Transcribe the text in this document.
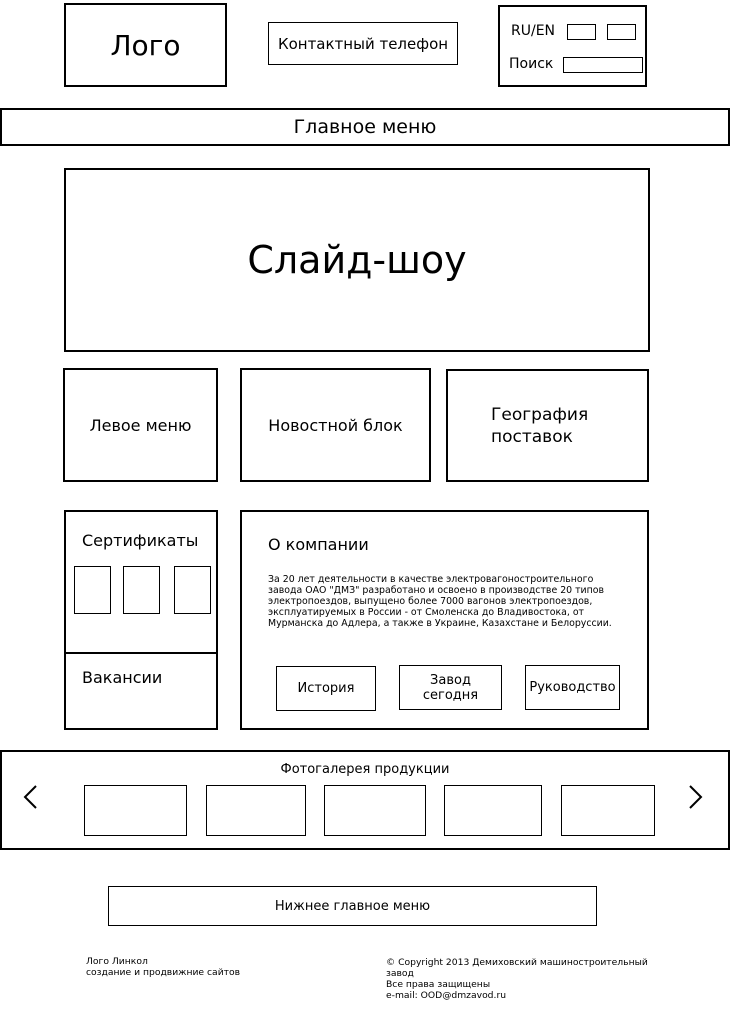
Лого	Контактный телефон
RU/EN
Поиск
Главное меню
Слайд-шоу
Левое меню	Новостной блок	География
поставок
Сертификаты
Вакансии
О компании
За 20 лет деятельности в качестве электровагоностроительного завода ОАО "ДМЗ" разработано и освоено в производстве 20 типов электропоездов, выпущено более 7000 вагонов электропоездов, эксплуатируемых в России - от Смоленска до Владивостока, от Мурманска до Адлера, а также в Украине, Казахстане и Белоруссии.
История
Завод
сегодня	Руководство
Фотогалерея продукции
Нижнее главное меню
Лого Линкол
создание и продвижние сайтов
© Copyright 2013 Демиховский машиностроительный
завод
Все права защищены
e-mail: OOD@dmzavod.ru
